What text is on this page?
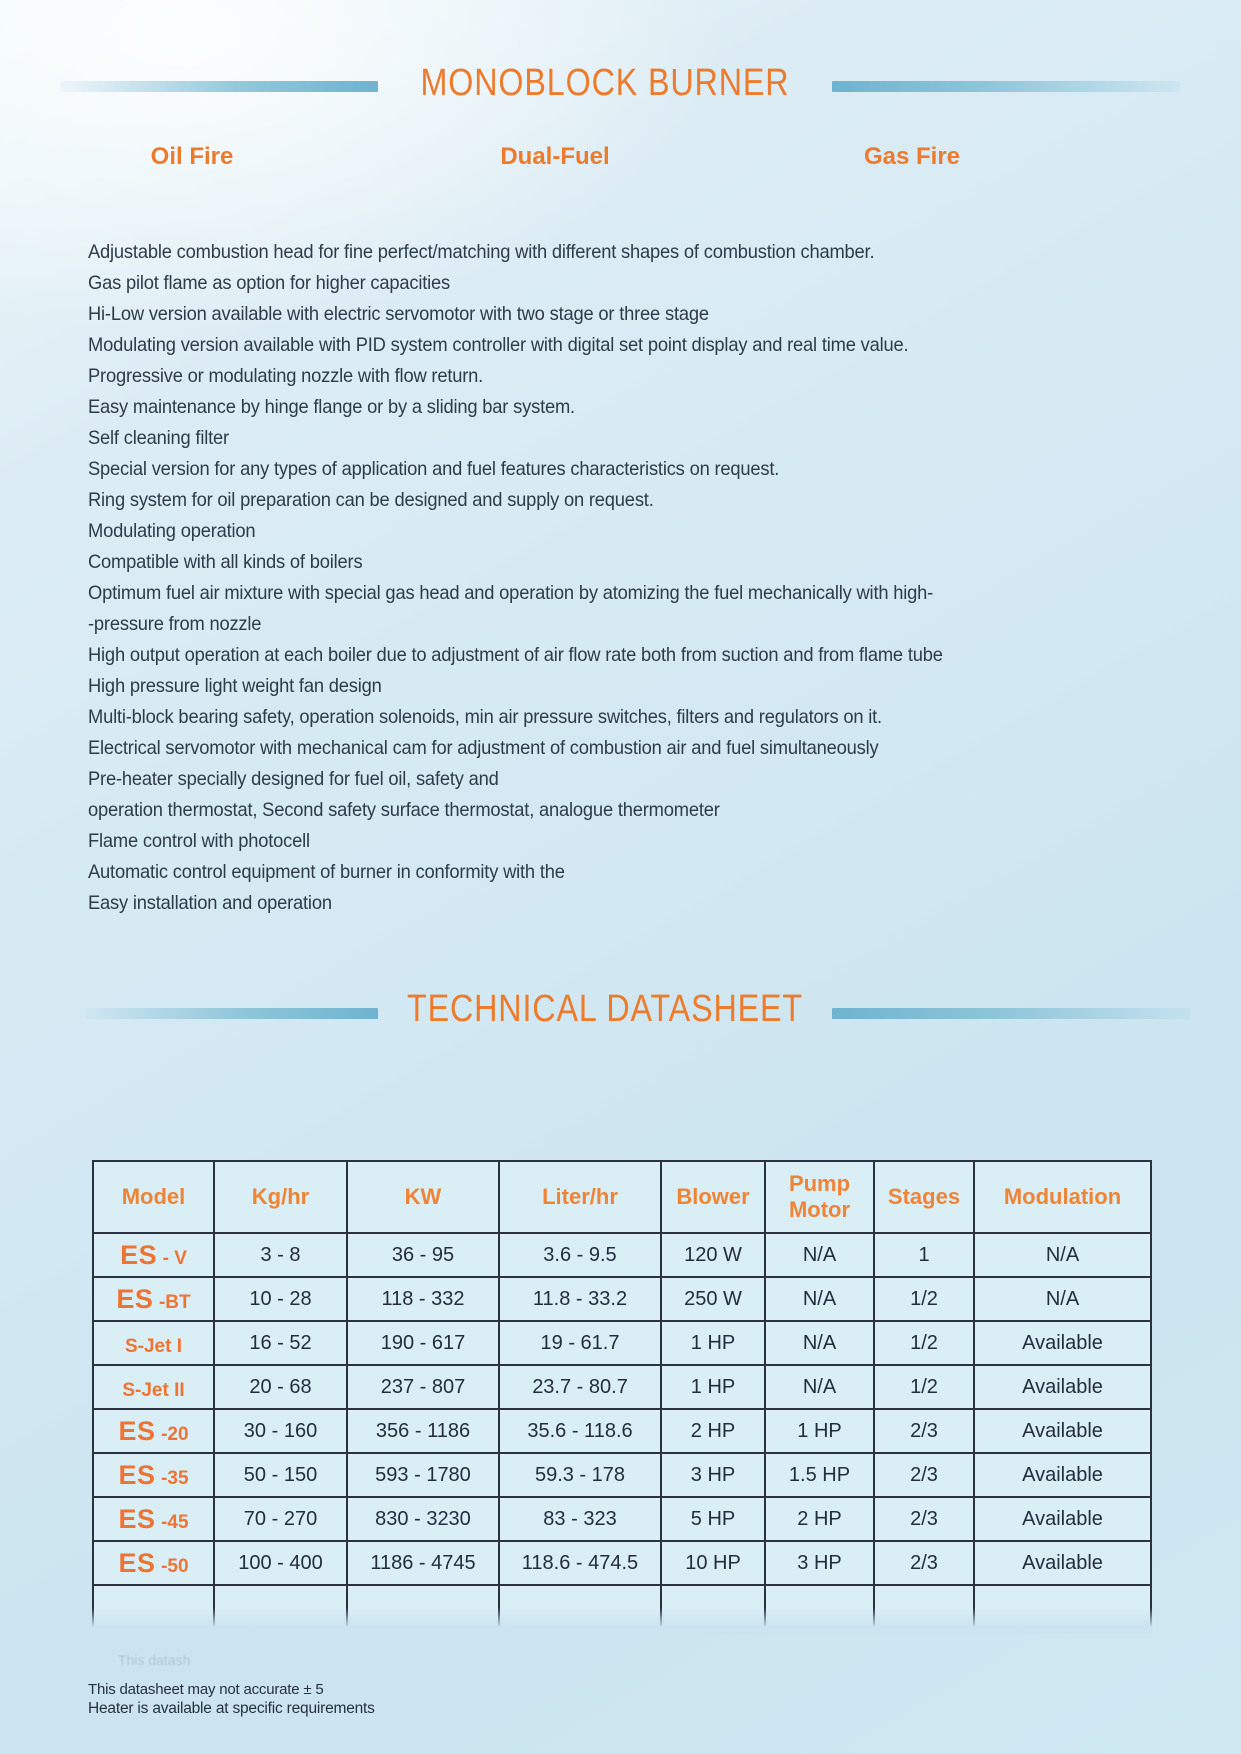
MONOBLOCK BURNER
Oil Fire	Dual-Fuel	Gas Fire
Adjustable combustion head for fine perfect/matching with different shapes of combustion chamber.
Gas pilot flame as option for higher capacities
Hi-Low version available with electric servomotor with two stage or three stage
Modulating version available with PID system controller with digital set point display and real time value.
Progressive or modulating nozzle with flow return.
Easy maintenance by hinge flange or by a sliding bar system.
Self cleaning filter
Special version for any types of application and fuel features characteristics on request.
Ring system for oil preparation can be designed and supply on request.
Modulating operation
Compatible with all kinds of boilers
Optimum fuel air mixture with special gas head and operation by atomizing the fuel mechanically with high-
-pressure from nozzle
High output operation at each boiler due to adjustment of air flow rate both from suction and from flame tube
High pressure light weight fan design
Multi-block bearing safety, operation solenoids, min air pressure switches, filters and regulators on it.
Electrical servomotor with mechanical cam for adjustment of combustion air and fuel simultaneously
Pre-heater specially designed for fuel oil, safety and
operation thermostat, Second safety surface thermostat, analogue thermometer
Flame control with photocell
Automatic control equipment of burner in conformity with the
Easy installation and operation
TECHNICAL DATASHEET
Model	Kg/hr	KW	Liter/hr	Blower	Pump Motor	Stages	Modulation
ES - V	3 - 8	36 - 95	3.6 - 9.5	120 W	N/A	1	N/A
ES -BT	10 - 28	118 - 332	11.8 - 33.2	250 W	N/A	1/2	N/A
S-Jet I	16 - 52	190 - 617	19 - 61.7	1 HP	N/A	1/2	Available
S-Jet II	20 - 68	237 - 807	23.7 - 80.7	1 HP	N/A	1/2	Available
ES -20	30 - 160	356 - 1186	35.6 - 118.6	2 HP	1 HP	2/3	Available
ES -35	50 - 150	593 - 1780	59.3 - 178	3 HP	1.5 HP	2/3	Available
ES -45	70 - 270	830 - 3230	83 - 323	5 HP	2 HP	2/3	Available
ES -50	100 - 400	1186 - 4745	118.6 - 474.5	10 HP	3 HP	2/3	Available

This datash
This datasheet may not accurate ± 5
Heater is available at specific requirements
